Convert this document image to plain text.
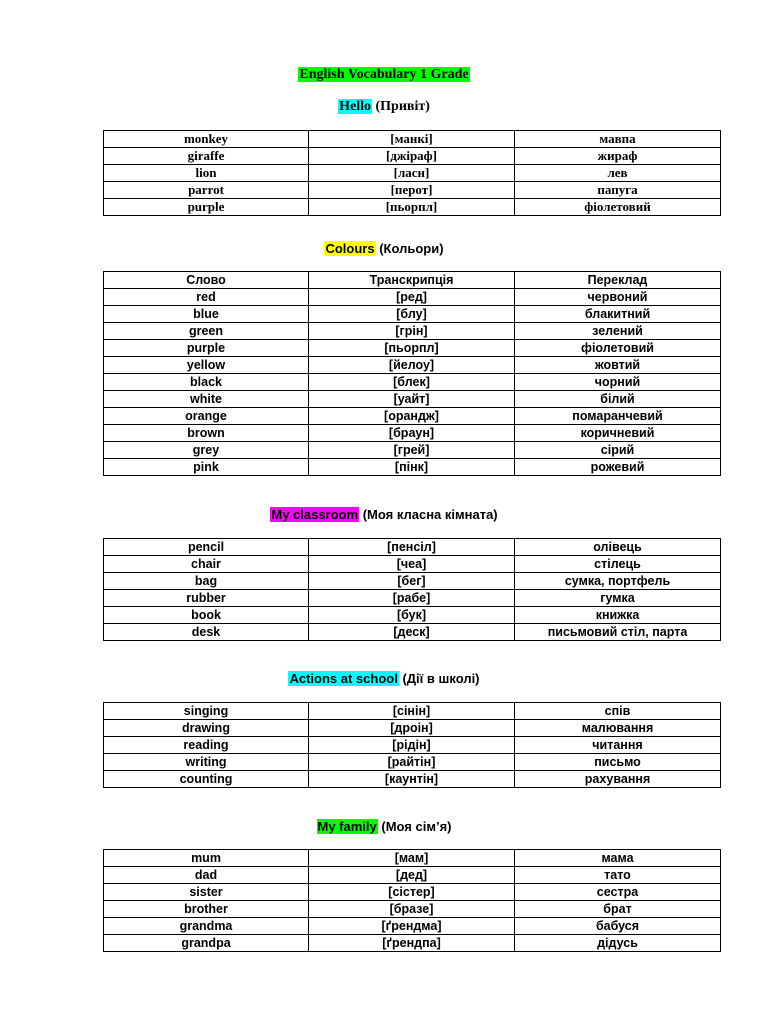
English Vocabulary 1 Grade
Hello (Привіт)
monkey	[манкі]	мавпа
giraffe	[джіраф]	жираф
lion	[ласн]	лев
parrot	[перот]	папуга
purple	[пьорпл]	фіолетовий
Colours (Кольори)
Слово	Транскрипція	Переклад
red	[ред]	червоний
blue	[блу]	блакитний
green	[грін]	зелений
purple	[пьорпл]	фіолетовий
yellow	[йелоу]	жовтий
black	[блек]	чорний
white	[уайт]	білий
orange	[орандж]	помаранчевий
brown	[браун]	коричневий
grey	[грей]	сірий
pink	[пінк]	рожевий
My classroom (Моя класна кімната)
pencil	[пенсіл]	олівець
chair	[чеа]	стілець
bag	[бег]	сумка, портфель
rubber	[рабе]	гумка
book	[бук]	книжка
desk	[деск]	письмовий стіл, парта
Actions at school (Дії в школі)
singing	[сінін]	спів
drawing	[дроін]	малювання
reading	[рідін]	читання
writing	[райтін]	письмо
counting	[каунтін]	рахування
My family (Моя сім’я)
mum	[мам]	мама
dad	[дед]	тато
sister	[сістер]	сестра
brother	[бразе]	брат
grandma	[ґрендма]	бабуся
grandpa	[ґрендпа]	дідусь
